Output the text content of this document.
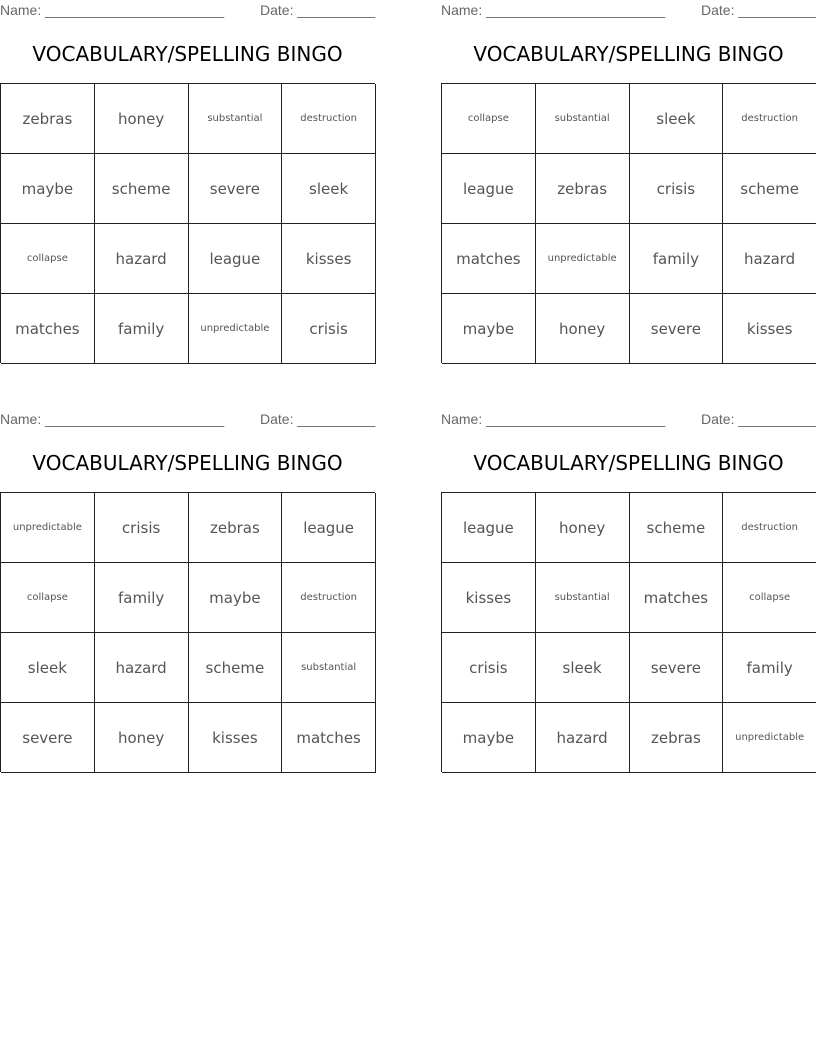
Name: _______________________	Date: __________
VOCABULARY/SPELLING BINGO
zebras	honey	substantial	destruction
maybe	scheme	severe	sleek
collapse	hazard	league	kisses
matches	family	unpredictable	crisis
Name: _______________________	Date: __________
VOCABULARY/SPELLING BINGO
collapse	substantial	sleek	destruction
league	zebras	crisis	scheme
matches	unpredictable	family	hazard
maybe	honey	severe	kisses
Name: _______________________	Date: __________
VOCABULARY/SPELLING BINGO
unpredictable	crisis	zebras	league
collapse	family	maybe	destruction
sleek	hazard	scheme	substantial
severe	honey	kisses	matches
Name: _______________________	Date: __________
VOCABULARY/SPELLING BINGO
league	honey	scheme	destruction
kisses	substantial	matches	collapse
crisis	sleek	severe	family
maybe	hazard	zebras	unpredictable
